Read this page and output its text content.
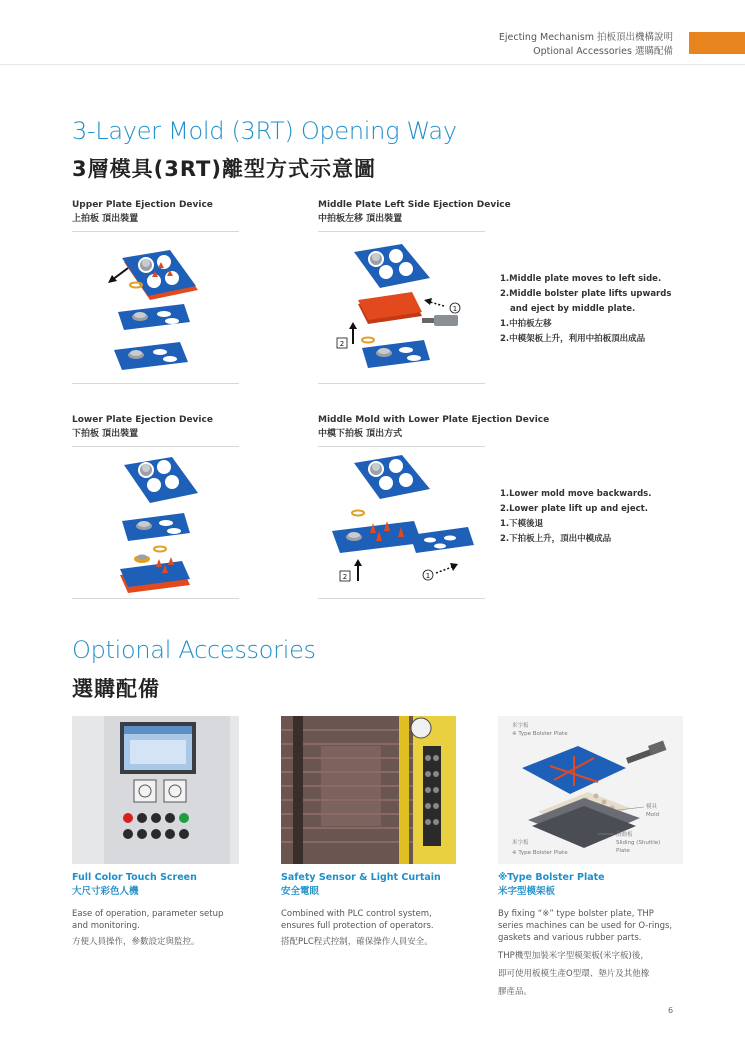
Ejecting Mechanism 拍板頂出機構說明
Optional Accessories 選購配備
3-Layer Mold (3RT) Opening Way
3層模具(3RT)離型方式示意圖
Upper Plate Ejection Device
上拍板 頂出裝置
Middle Plate Left Side Ejection Device
中拍板左移 頂出裝置
Lower Plate Ejection Device
下拍板 頂出裝置
Middle Mold with Lower Plate Ejection Device
中模下拍板 頂出方式
1
2
1.Middle plate moves to left side.
2.Middle bolster plate lifts upwards
and eject by middle plate.
1.中拍板左移
2.中模架板上升，利用中拍板頂出成品
2	1
1.Lower mold move backwards.
2.Lower plate lift up and eject.
1.下模後退
2.下拍板上升，頂出中模成品
Optional Accessories
選購配備
米字板
※ Type Bolster Plate
模具
Mold
滑動板
Sliding (Shuttle)
Plate
米字板
※ Type Bolster Plate
Full Color Touch Screen
大尺寸彩色人機
Safety Sensor & Light Curtain
安全電眼
※Type Bolster Plate
米字型模架板
Ease of operation, parameter setup
and monitoring.
方便人員操作，參數設定與監控。
Combined with PLC control system,
ensures full protection of operators.
搭配PLC程式控制，確保操作人員安全。
By fixing “※” type bolster plate, THP
series machines can be used for O-rings,
gaskets and various rubber parts.
THP機型加裝米字型模架板(米字板)後，
即可使用板模生產O型環、墊片及其他橡
膠產品。
6
